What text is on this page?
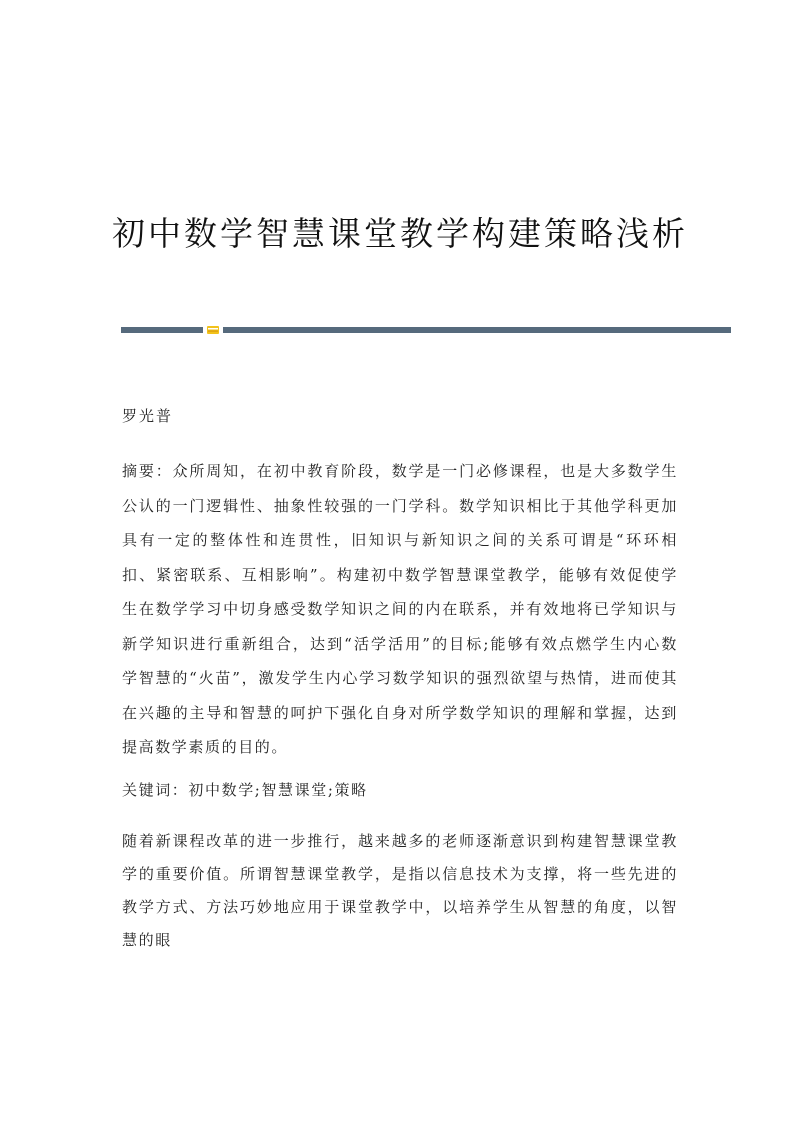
初中数学智慧课堂教学构建策略浅析

罗光普

摘要：众所周知，在初中教育阶段，数学是一门必修课程，也是大多数学生公认的一门逻辑性、抽象性较强的一门学科。数学知识相比于其他学科更加具有一定的整体性和连贯性，旧知识与新知识之间的关系可谓是“环环相扣、紧密联系、互相影响”。构建初中数学智慧课堂教学，能够有效促使学生在数学学习中切身感受数学知识之间的内在联系，并有效地将已学知识与新学知识进行重新组合，达到“活学活用”的目标;能够有效点燃学生内心数学智慧的“火苗”，激发学生内心学习数学知识的强烈欲望与热情，进而使其在兴趣的主导和智慧的呵护下强化自身对所学数学知识的理解和掌握，达到提高数学素质的目的。

关键词：初中数学;智慧课堂;策略

随着新课程改革的进一步推行，越来越多的老师逐渐意识到构建智慧课堂教学的重要价值。所谓智慧课堂教学，是指以信息技术为支撑，将一些先进的教学方式、方法巧妙地应用于课堂教学中，以培养学生从智慧的角度，以智慧的眼
